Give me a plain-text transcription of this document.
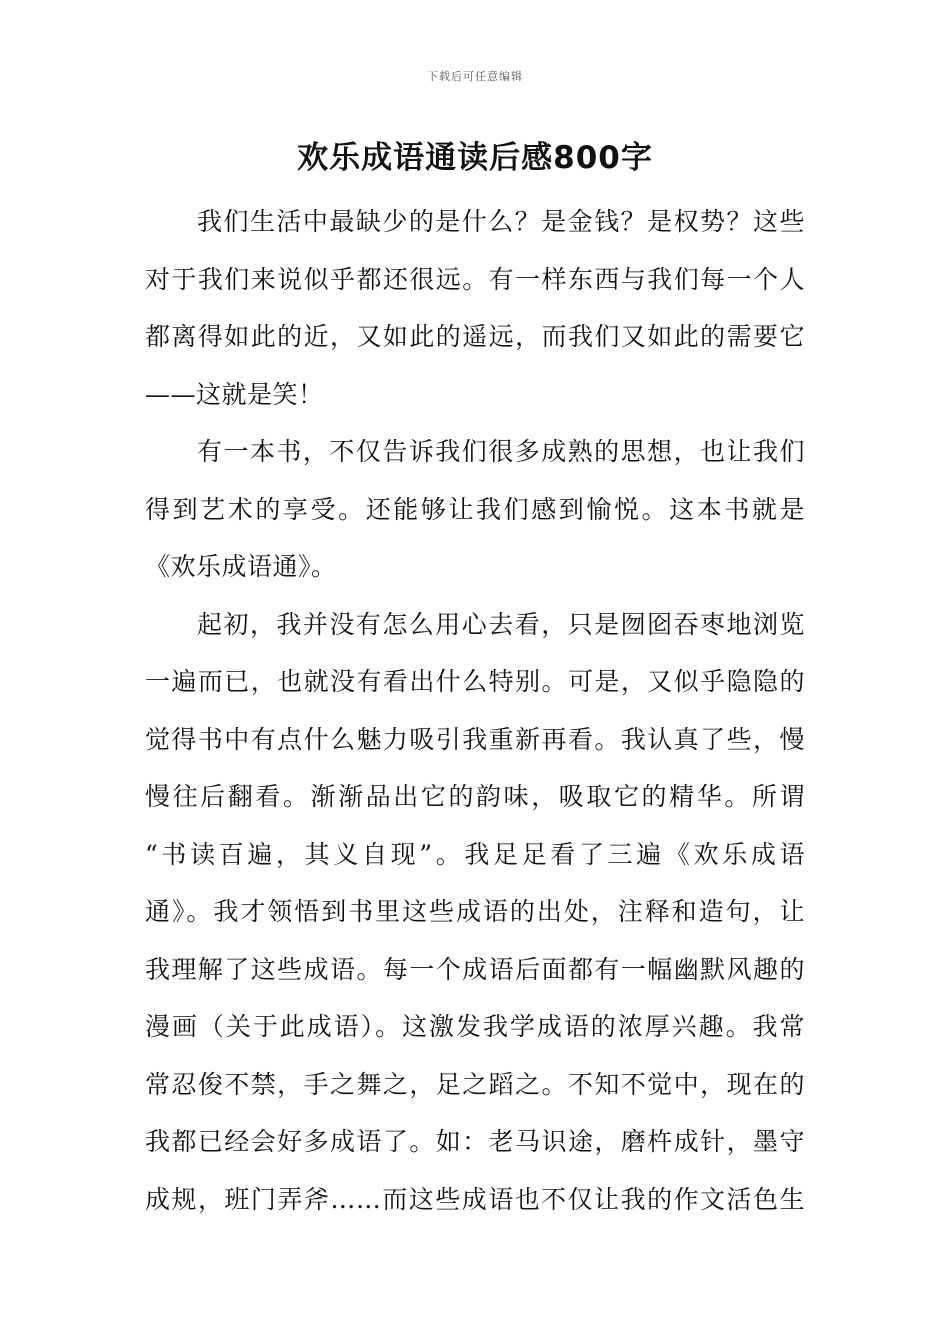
下载后可任意编辑
欢乐成语通读后感800字
我们生活中最缺少的是什么？是金钱？是权势？这些
对于我们来说似乎都还很远。有一样东西与我们每一个人
都离得如此的近，又如此的遥远，而我们又如此的需要它
——这就是笑！
有一本书，不仅告诉我们很多成熟的思想，也让我们
得到艺术的享受。还能够让我们感到愉悦。这本书就是
《欢乐成语通》。
起初，我并没有怎么用心去看，只是囫囵吞枣地浏览
一遍而已，也就没有看出什么特别。可是，又似乎隐隐的
觉得书中有点什么魅力吸引我重新再看。我认真了些，慢
慢往后翻看。渐渐品出它的韵味，吸取它的精华。所谓
“书读百遍，其义自现”。我足足看了三遍《欢乐成语
通》。我才领悟到书里这些成语的出处，注释和造句，让
我理解了这些成语。每一个成语后面都有一幅幽默风趣的
漫画（关于此成语）。这激发我学成语的浓厚兴趣。我常
常忍俊不禁，手之舞之，足之蹈之。不知不觉中，现在的
我都已经会好多成语了。如：老马识途，磨杵成针，墨守
成规，班门弄斧……而这些成语也不仅让我的作文活色生
